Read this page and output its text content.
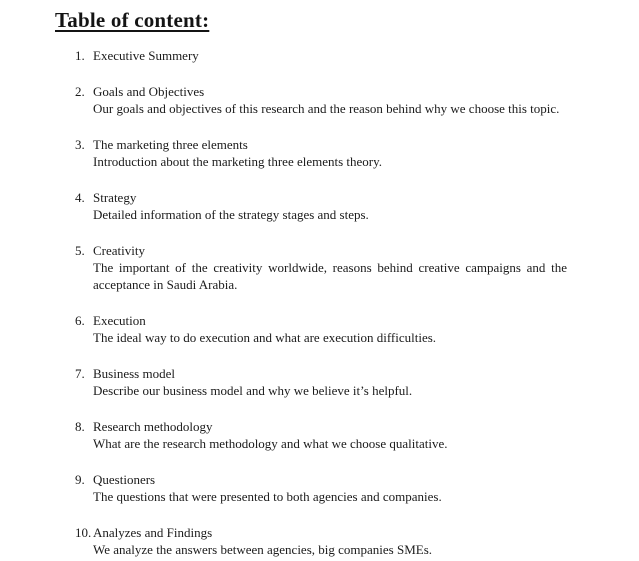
Table of content:
1. Executive Summery
2. Goals and Objectives
Our goals and objectives of this research and the reason behind why we choose this topic.
3. The marketing three elements
Introduction about the marketing three elements theory.
4. Strategy
Detailed information of the strategy stages and steps.
5. Creativity
The important of the creativity worldwide, reasons behind creative campaigns and the acceptance in Saudi Arabia.
6. Execution
The ideal way to do execution and what are execution difficulties.
7. Business model
Describe our business model and why we believe it’s helpful.
8. Research methodology
What are the research methodology and what we choose qualitative.
9. Questioners
The questions that were presented to both agencies and companies.
10. Analyzes and Findings
We analyze the answers between agencies, big companies SMEs.
